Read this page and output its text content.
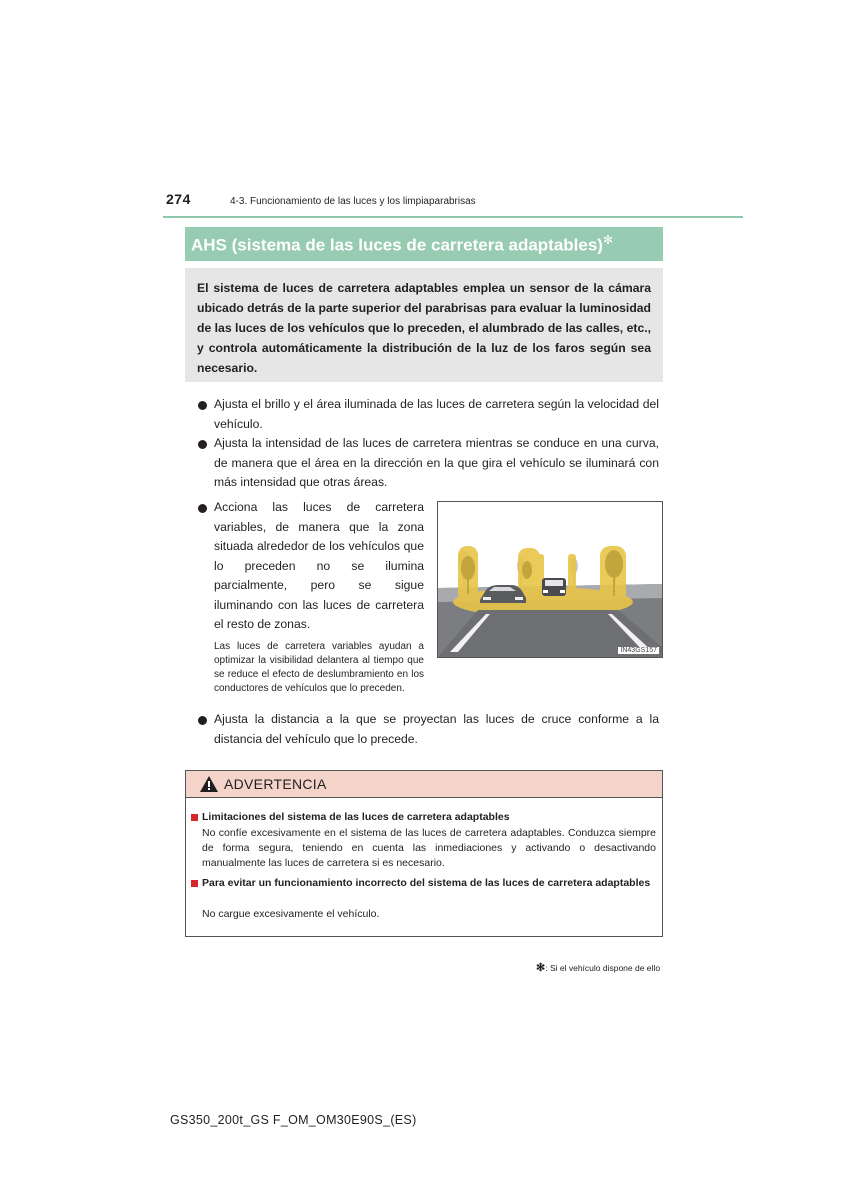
274	4-3. Funcionamiento de las luces y los limpiaparabrisas
AHS (sistema de las luces de carretera adaptables)✻
El sistema de luces de carretera adaptables emplea un sensor de la cámara ubicado detrás de la parte superior del parabrisas para evaluar la luminosidad de las luces de los vehículos que lo preceden, el alumbrado de las calles, etc., y controla automáticamente la distribución de la luz de los faros según sea necesario.
Ajusta el brillo y el área iluminada de las luces de carretera según la velocidad del vehículo.
Ajusta la intensidad de las luces de carretera mientras se conduce en una curva, de manera que el área en la dirección en la que gira el vehículo se iluminará con más intensidad que otras áreas.
Acciona las luces de carretera variables, de manera que la zona situada alrededor de los vehículos que lo preceden no se ilumina parcialmente, pero se sigue iluminando con las luces de carretera el resto de zonas.
Las luces de carretera variables ayudan a optimizar la visibilidad delantera al tiempo que se reduce el efecto de deslumbramiento en los conductores de vehículos que lo preceden.
IN43GS157
Ajusta la distancia a la que se proyectan las luces de cruce conforme a la distancia del vehículo que lo precede.
ADVERTENCIA
Limitaciones del sistema de las luces de carretera adaptables
No confíe excesivamente en el sistema de las luces de carretera adaptables. Conduzca siempre de forma segura, teniendo en cuenta las inmediaciones y activando o desactivando manualmente las luces de carretera si es necesario.
Para evitar un funcionamiento incorrecto del sistema de las luces de carretera adaptables
No cargue excesivamente el vehículo.
✻: Si el vehículo dispone de ello
GS350_200t_GS F_OM_OM30E90S_(ES)
